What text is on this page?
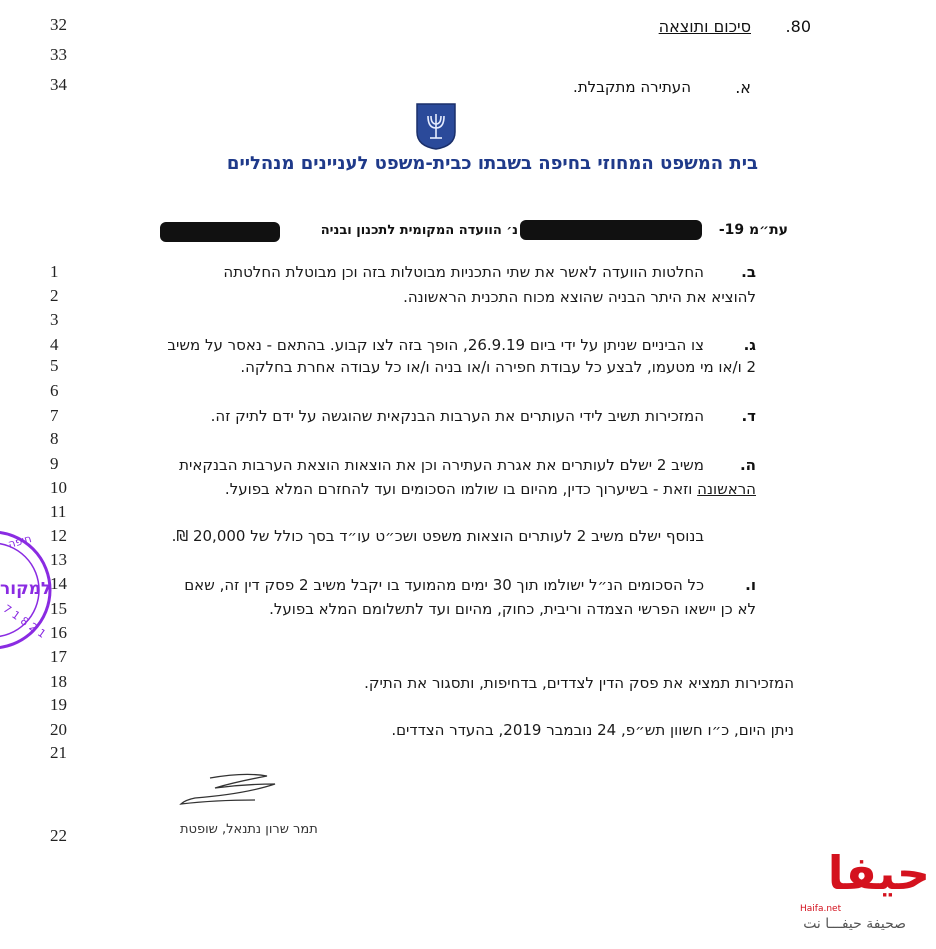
32
33
34
.80
סיכום ותוצאה
א.
העתירה מתקבלת.
בית המשפט המחוזי בחיפה בשבתו כבית-משפט לעניינים מנהליים
עת״מ 19-
נ׳ הוועדה המקומית לתכנון ובניה
1	ב.
החלטות הוועדה לאשר את שתי התכניות מבוטלות בזה וכן מבוטלת החלטתה
2	להוציא את היתר הבניה שהוצא מכוח התכנית הראשונה.
3
4	ג.
צו הביניים שניתן על ידי ביום 26.9.19, הופך בזה לצו קבוע. בהתאם - נאסר על משיב
5	2 ו/או מי מטעמו, לבצע כל עבודת חפירה ו/או בניה ו/או כל עבודה אחרת בחלקה.
6
7	ד.
המזכירות תשיב לידי העותרים את הערבות הבנקאית שהוגשה על ידם לתיק זה.
8
9	ה.
משיב 2 ישלם לעותרים את אגרת העתירה וכן את הוצאות הוצאת הערבות הבנקאית
10	הראשונה וזאת - בשיערוך כדין, מהיום בו שולמו הסכומים ועד להחזרם המלא בפועל.
11
12	בנוסף ישלם משיב 2 לעותרים הוצאות משפט ושכ״ט עו״ד בסך כולל של 20,000 ₪.
13
14	ו.
כל הסכומים הנ״ל ישולמו תוך 30 ימים מהמועד בו יקבל משיב 2 פסק דין זה, שאם
15	לא כן יישאו הפרשי הצמדה וריבית, כחוק, מהיום ועד לתשלומם המלא בפועל.
16
17
18	המזכירות תמציא את פסק הדין לצדדים, בדחיפות, ותסגור את התיק.
19
20	ניתן היום, כ״ו חשוון תש״פ, 24 נובמבר 2019, בהעדר הצדדים.
21
22	תמר שרון נתנאל, שופטת
חיפה
למקור
7 1 8 2 1
حيفا
Haifa.net
صحيفة حيفـــا نت
